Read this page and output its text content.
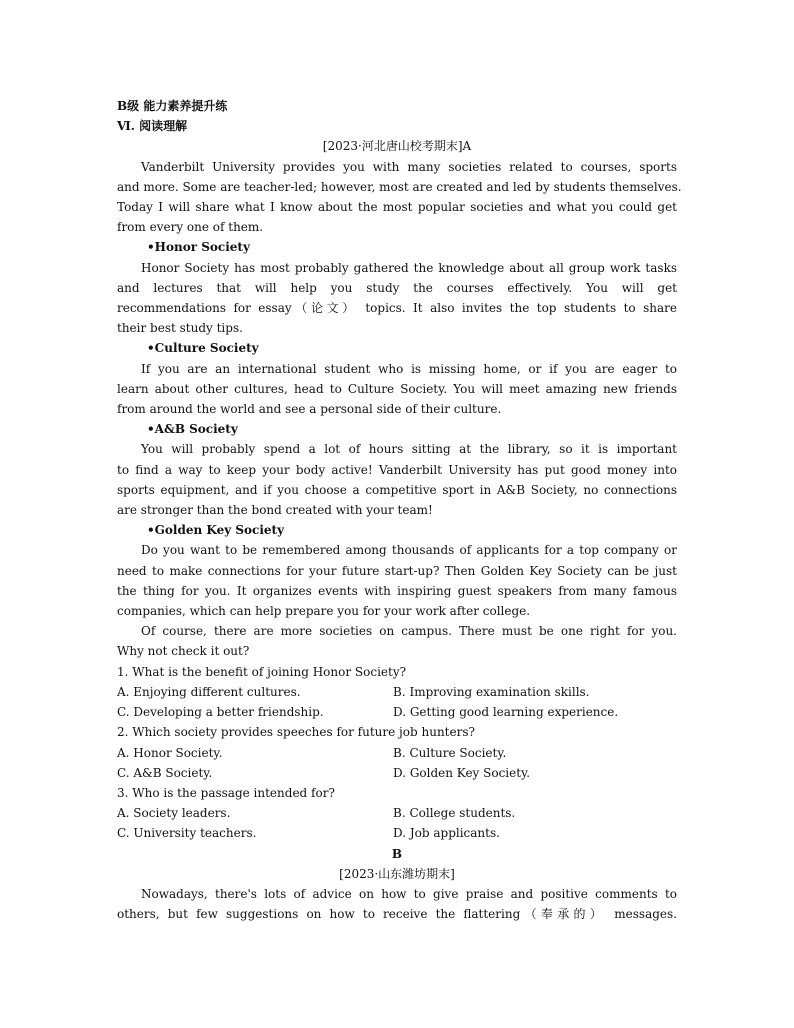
B级 能力素养提升练
Ⅵ. 阅读理解
[2023·河北唐山校考期末]A
Vanderbilt University provides you with many societies related to courses, sports
and more. Some are teacher-led; however, most are created and led by students themselves.
Today I will share what I know about the most popular societies and what you could get
from every one of them.
•Honor Society
Honor Society has most probably gathered the knowledge about all group work tasks
and lectures that will help you study the courses effectively. You will get
recommendations for essay（论文） topics. It also invites the top students to share
their best study tips.
•Culture Society
If you are an international student who is missing home, or if you are eager to
learn about other cultures, head to Culture Society. You will meet amazing new friends
from around the world and see a personal side of their culture.
•A&B Society
You will probably spend a lot of hours sitting at the library, so it is important
to find a way to keep your body active! Vanderbilt University has put good money into
sports equipment, and if you choose a competitive sport in A&B Society, no connections
are stronger than the bond created with your team!
•Golden Key Society
Do you want to be remembered among thousands of applicants for a top company or
need to make connections for your future start-up? Then Golden Key Society can be just
the thing for you. It organizes events with inspiring guest speakers from many famous
companies, which can help prepare you for your work after college.
Of course, there are more societies on campus. There must be one right for you.
Why not check it out?
1. What is the benefit of joining Honor Society?
A. Enjoying different cultures.	B. Improving examination skills.
C. Developing a better friendship.	D. Getting good learning experience.
2. Which society provides speeches for future job hunters?
A. Honor Society.	B. Culture Society.
C. A&B Society.	D. Golden Key Society.
3. Who is the passage intended for?
A. Society leaders.	B. College students.
C. University teachers.	D. Job applicants.
B
[2023·山东潍坊期末]
Nowadays, there's lots of advice on how to give praise and positive comments to
others, but few suggestions on how to receive the flattering（奉承的） messages.
